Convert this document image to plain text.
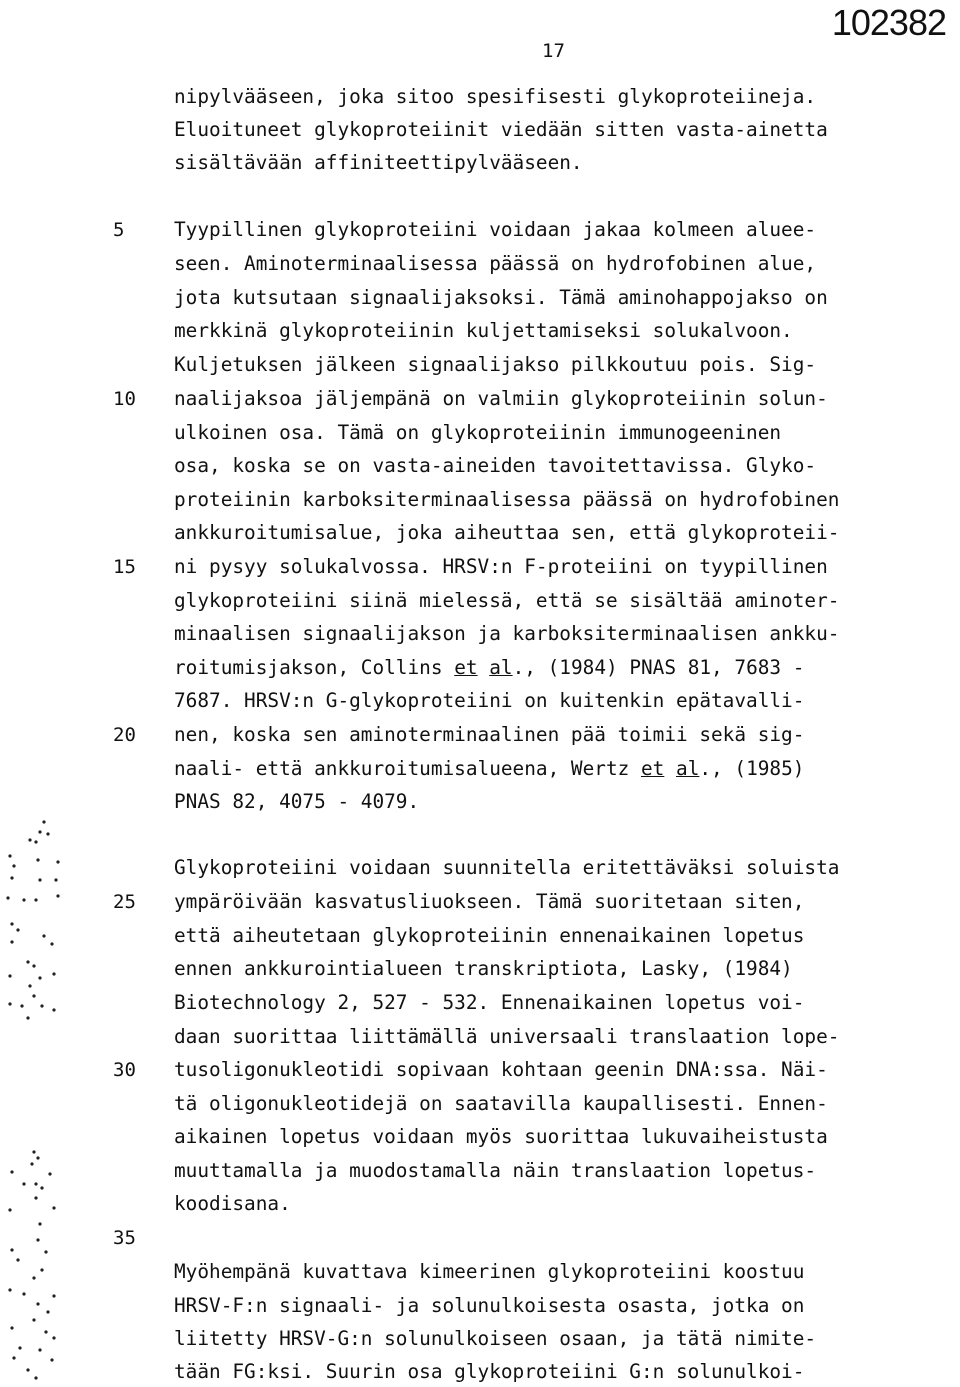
102382
17
nipylvääseen, joka sitoo spesifisesti glykoproteiineja.
Eluoituneet glykoproteiinit viedään sitten vasta-ainetta
sisältävään affiniteettipylvääseen.
5	Tyypillinen glykoproteiini voidaan jakaa kolmeen aluee-
seen. Aminoterminaalisessa päässä on hydrofobinen alue,
jota kutsutaan signaalijaksoksi. Tämä aminohappojakso on
merkkinä glykoproteiinin kuljettamiseksi solukalvoon.
Kuljetuksen jälkeen signaalijakso pilkkoutuu pois. Sig-
10	naalijaksoa jäljempänä on valmiin glykoproteiinin solun-
ulkoinen osa. Tämä on glykoproteiinin immunogeeninen
osa, koska se on vasta-aineiden tavoitettavissa. Glyko-
proteiinin karboksiterminaalisessa päässä on hydrofobinen
ankkuroitumisalue, joka aiheuttaa sen, että glykoproteii-
15	ni pysyy solukalvossa. HRSV:n F-proteiini on tyypillinen
glykoproteiini siinä mielessä, että se sisältää aminoter-
minaalisen signaalijakson ja karboksiterminaalisen ankku-
roitumisjakson, Collins et al., (1984) PNAS 81, 7683 -
7687. HRSV:n G-glykoproteiini on kuitenkin epätavalli-
20	nen, koska sen aminoterminaalinen pää toimii sekä sig-
naali- että ankkuroitumisalueena, Wertz et al., (1985)
PNAS 82, 4075 - 4079.
Glykoproteiini voidaan suunnitella eritettäväksi soluista
25	ympäröivään kasvatusliuokseen. Tämä suoritetaan siten,
että aiheutetaan glykoproteiinin ennenaikainen lopetus
ennen ankkurointialueen transkriptiota, Lasky, (1984)
Biotechnology 2, 527 - 532. Ennenaikainen lopetus voi-
daan suorittaa liittämällä universaali translaation lope-
30	tusoligonukleotidi sopivaan kohtaan geenin DNA:ssa. Näi-
tä oligonukleotidejä on saatavilla kaupallisesti. Ennen-
aikainen lopetus voidaan myös suorittaa lukuvaiheistusta
muuttamalla ja muodostamalla näin translaation lopetus-
koodisana.
35
Myöhempänä kuvattava kimeerinen glykoproteiini koostuu
HRSV-F:n signaali- ja solunulkoisesta osasta, jotka on
liitetty HRSV-G:n solunulkoiseen osaan, ja tätä nimite-
tään FG:ksi. Suurin osa glykoproteiini G:n solunulkoi-
